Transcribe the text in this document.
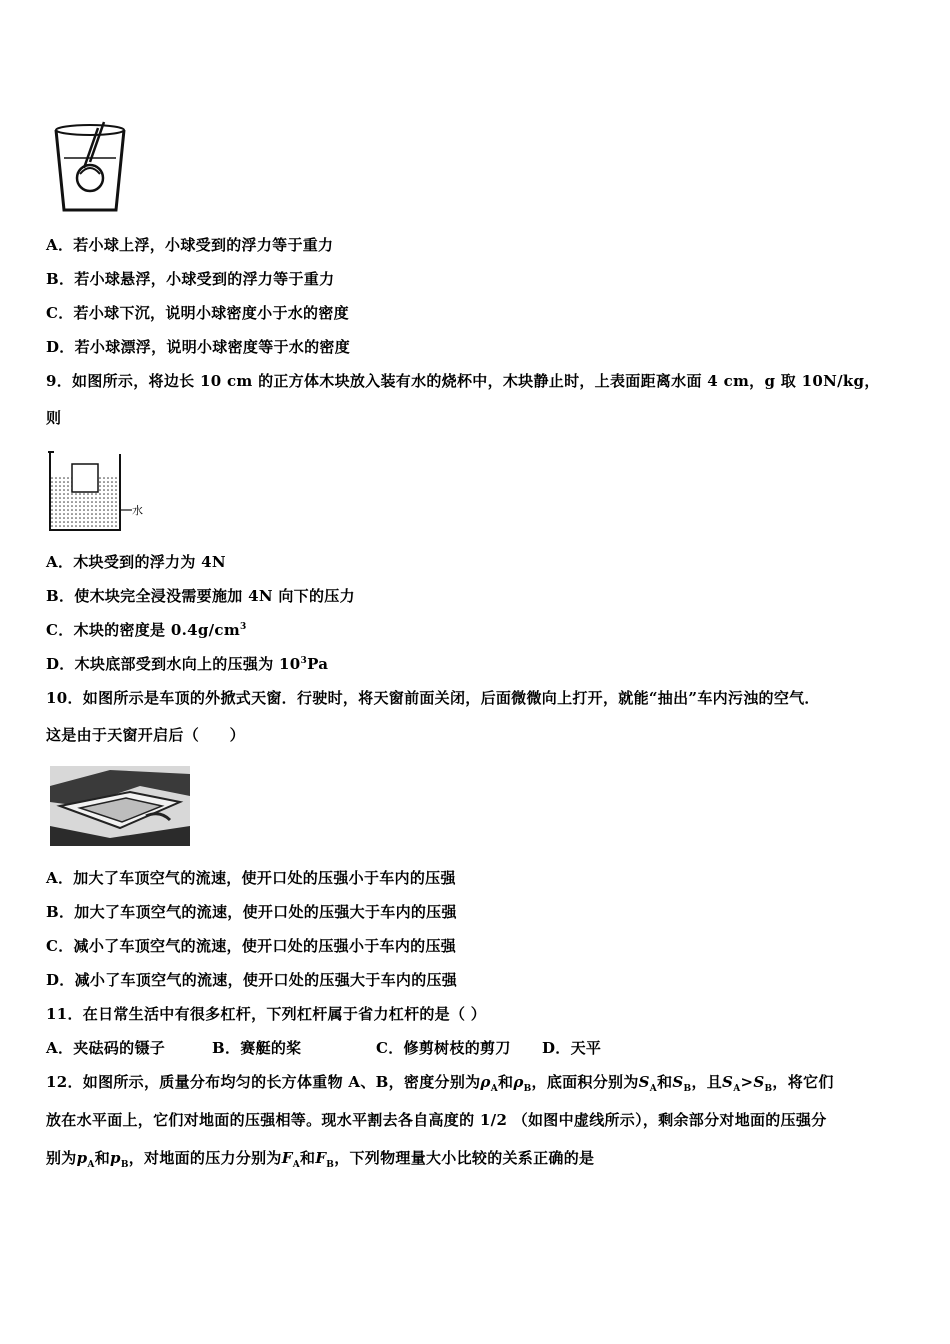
A．若小球上浮，小球受到的浮力等于重力
B．若小球悬浮，小球受到的浮力等于重力
C．若小球下沉，说明小球密度小于水的密度
D．若小球漂浮，说明小球密度等于水的密度
9．如图所示，将边长 10 cm 的正方体木块放入装有水的烧杯中，木块静止时，上表面距离水面 4 cm，g 取 10N/kg，
则
水
A．木块受到的浮力为 4N
B．使木块完全浸没需要施加 4N 向下的压力
C．木块的密度是 $0.4g/cm^3$
D．木块底部受到水向上的压强为 $10^3Pa$
10．如图所示是车顶的外掀式天窗．行驶时，将天窗前面关闭，后面微微向上打开，就能“抽出”车内污浊的空气．
这是由于天窗开启后（　　）
A．加大了车顶空气的流速，使开口处的压强小于车内的压强
B．加大了车顶空气的流速，使开口处的压强大于车内的压强
C．减小了车顶空气的流速，使开口处的压强小于车内的压强
D．减小了车顶空气的流速，使开口处的压强大于车内的压强
11．在日常生活中有很多杠杆，下列杠杆属于省力杠杆的是（ ）
A．夹砝码的镊子	B．赛艇的桨	C．修剪树枝的剪刀 D．天平
12．如图所示，质量分布均匀的长方体重物 A、B，密度分别为$\rho_A$和$\rho_B$，底面积分别为$S_A$和$S_B$，且$S_A>S_B$，将它们
放在水平面上，它们对地面的压强相等。现水平割去各自高度的 1/2 （如图中虚线所示），剩余部分对地面的压强分
别为$p_A$和$p_B$，对地面的压力分别为$F_A$和$F_B$，下列物理量大小比较的关系正确的是
